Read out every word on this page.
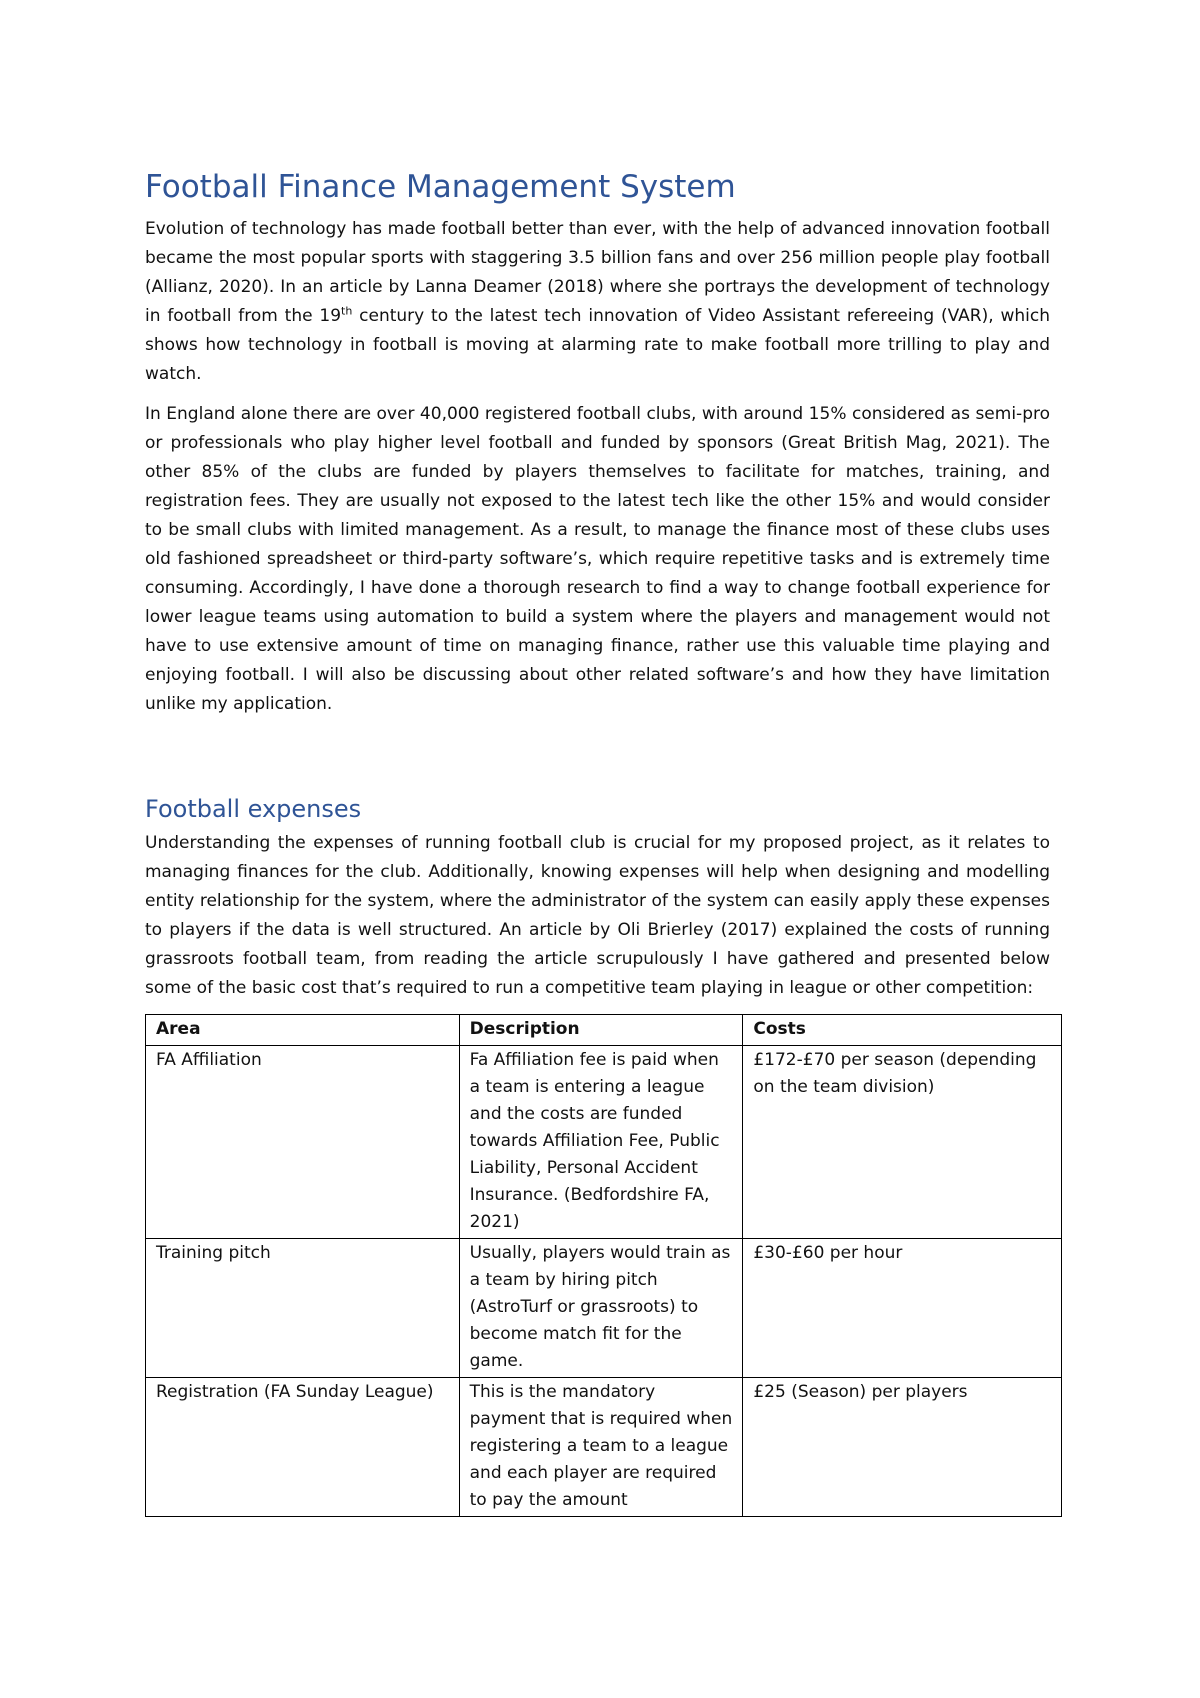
Football Finance Management System

Evolution of technology has made football better than ever, with the help of advanced innovation football became the most popular sports with staggering 3.5 billion fans and over 256 million people play football (Allianz, 2020). In an article by Lanna Deamer (2018) where she portrays the development of technology in football from the 19th century to the latest tech innovation of Video Assistant refereeing (VAR), which shows how technology in football is moving at alarming rate to make football more trilling to play and watch.

In England alone there are over 40,000 registered football clubs, with around 15% considered as semi-pro or professionals who play higher level football and funded by sponsors (Great British Mag, 2021). The other 85% of the clubs are funded by players themselves to facilitate for matches, training, and registration fees. They are usually not exposed to the latest tech like the other 15% and would consider to be small clubs with limited management. As a result, to manage the finance most of these clubs uses old fashioned spreadsheet or third-party software’s, which require repetitive tasks and is extremely time consuming. Accordingly, I have done a thorough research to find a way to change football experience for lower league teams using automation to build a system where the players and management would not have to use extensive amount of time on managing finance, rather use this valuable time playing and enjoying football. I will also be discussing about other related software’s and how they have limitation unlike my application.

Football expenses

Understanding the expenses of running football club is crucial for my proposed project, as it relates to managing finances for the club. Additionally, knowing expenses will help when designing and modelling entity relationship for the system, where the administrator of the system can easily apply these expenses to players if the data is well structured. An article by Oli Brierley (2017) explained the costs of running grassroots football team, from reading the article scrupulously I have gathered and presented below some of the basic cost that’s required to run a competitive team playing in league or other competition:

Area	Description	Costs
FA Affiliation	Fa Affiliation fee is paid when a team is entering a league and the costs are funded towards Affiliation Fee, Public Liability, Personal Accident Insurance. (Bedfordshire FA, 2021)	£172-£70 per season (depending on the team division)
Training pitch	Usually, players would train as a team by hiring pitch (AstroTurf or grassroots) to become match fit for the game.	£30-£60 per hour
Registration (FA Sunday League)	This is the mandatory payment that is required when registering a team to a league and each player are required to pay the amount	£25 (Season) per players
